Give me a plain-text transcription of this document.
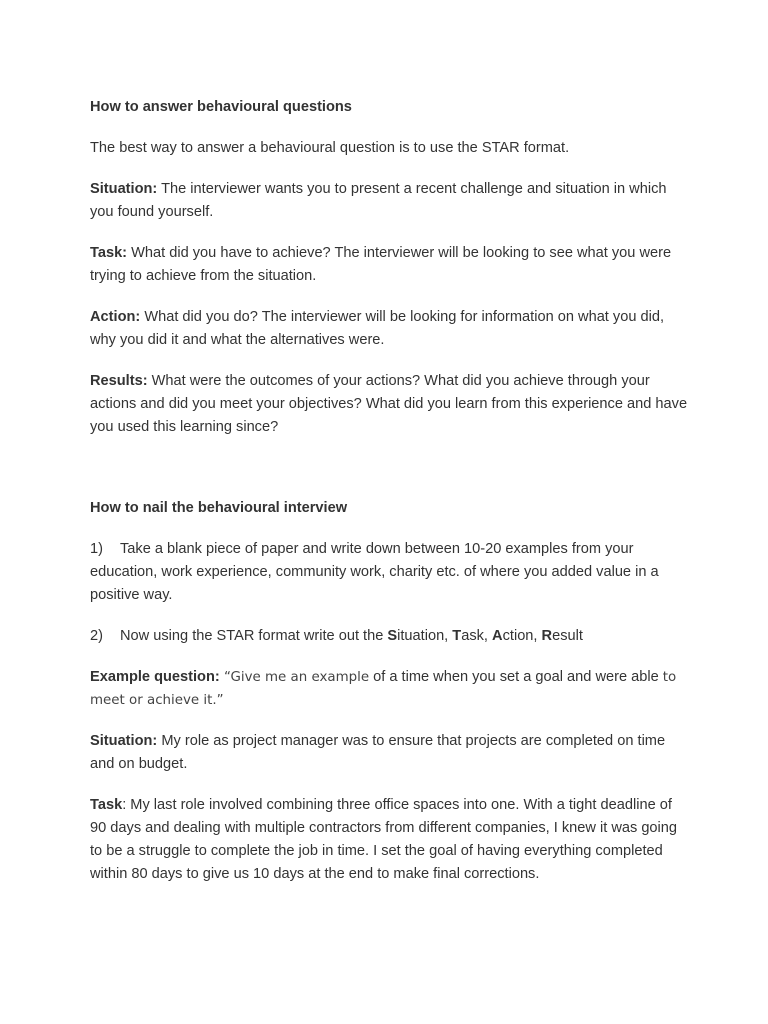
How to answer behavioural questions

The best way to answer a behavioural question is to use the STAR format.

Situation: The interviewer wants you to present a recent challenge and situation in which you found yourself.

Task: What did you have to achieve? The interviewer will be looking to see what you were trying to achieve from the situation.

Action: What did you do? The interviewer will be looking for information on what you did, why you did it and what the alternatives were.

Results: What were the outcomes of your actions? What did you achieve through your actions and did you meet your objectives? What did you learn from this experience and have you used this learning since?

How to nail the behavioural interview

1) Take a blank piece of paper and write down between 10-20 examples from your education, work experience, community work, charity etc. of where you added value in a positive way.

2) Now using the STAR format write out the Situation, Task, Action, Result

Example question: “Give me an example of a time when you set a goal and were able to meet or achieve it.”

Situation: My role as project manager was to ensure that projects are completed on time and on budget.

Task: My last role involved combining three office spaces into one. With a tight deadline of 90 days and dealing with multiple contractors from different companies, I knew it was going to be a struggle to complete the job in time. I set the goal of having everything completed within 80 days to give us 10 days at the end to make final corrections.
